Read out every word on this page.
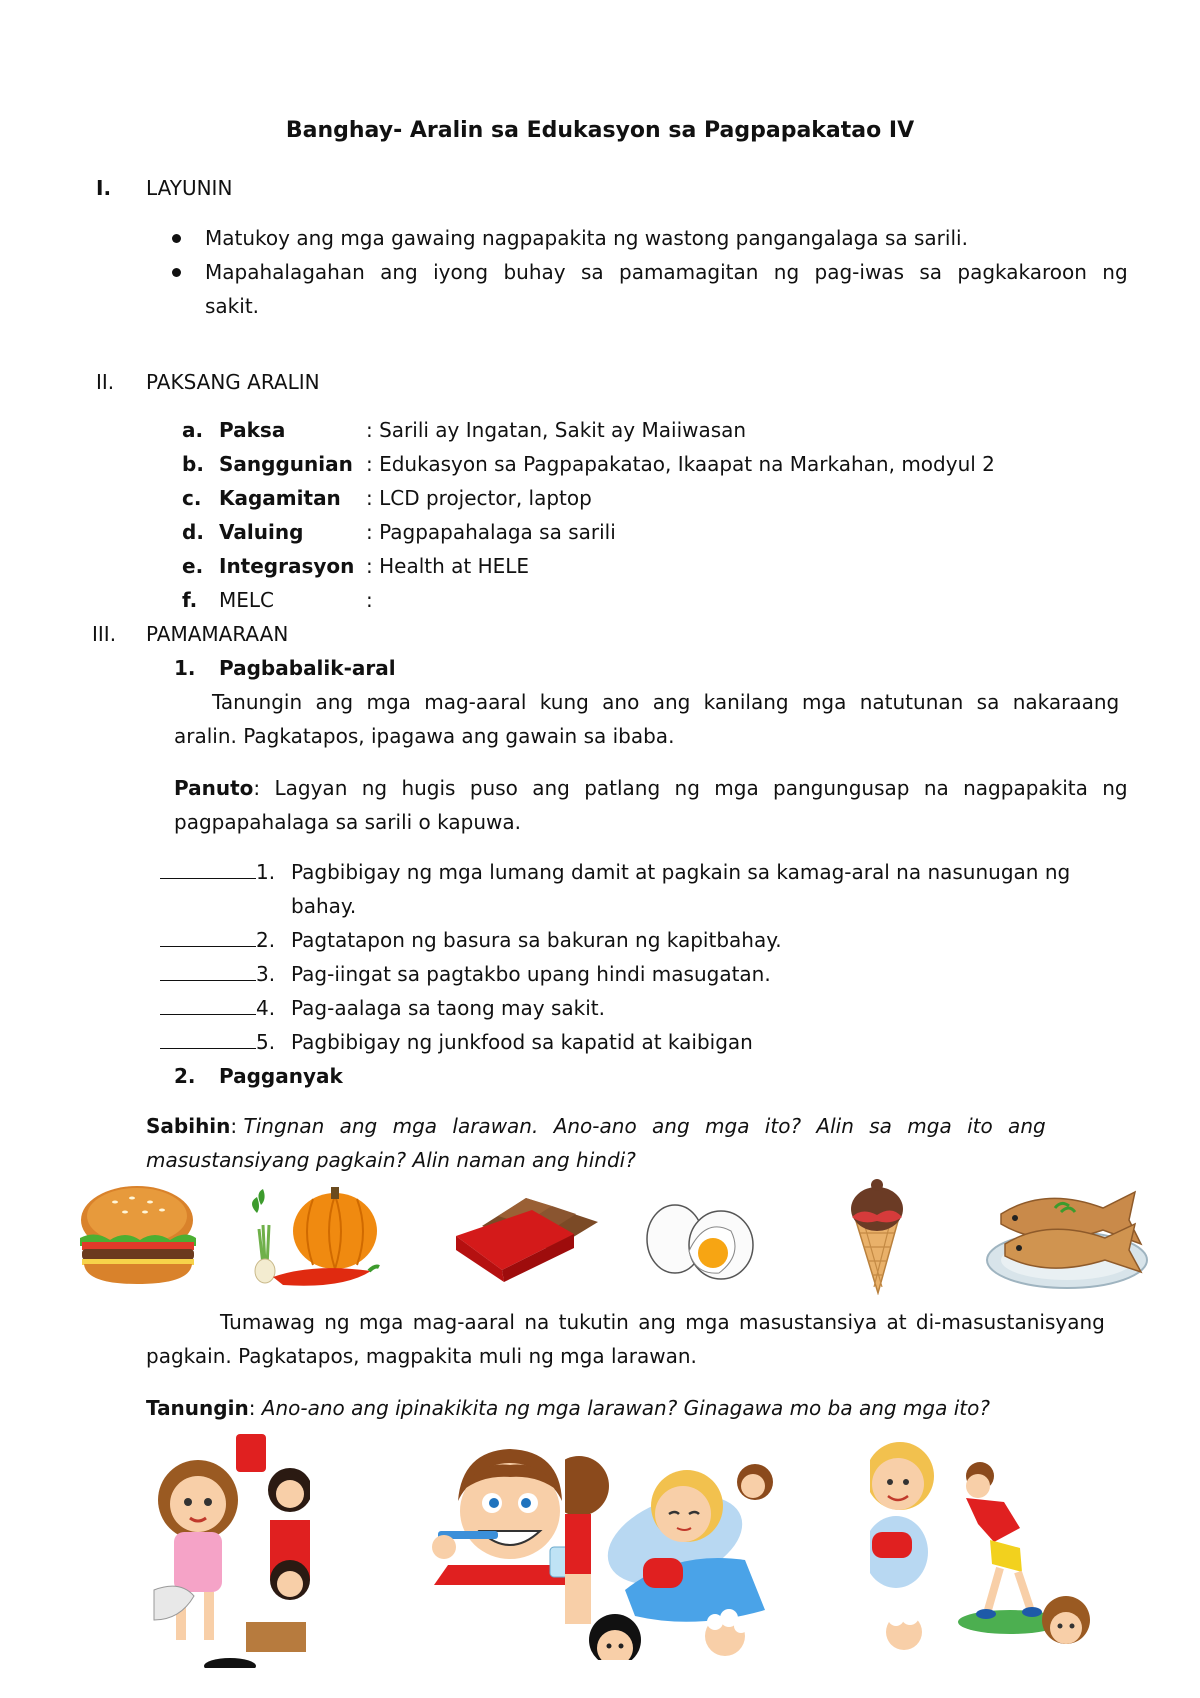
Banghay- Aralin sa Edukasyon sa Pagpapakatao IV
I. LAYUNIN
Matukoy ang mga gawaing nagpapakita ng wastong pangangalaga sa sarili.
Mapahalagahan ang iyong buhay sa pamamagitan ng pag-iwas sa pagkakaroon ng
sakit.
II. PAKSANG ARALIN
a. Paksa	: Sarili ay Ingatan, Sakit ay Maiiwasan
b. Sanggunian : Edukasyon sa Pagpapakatao, Ikaapat na Markahan, modyul 2
c. Kagamitan : LCD projector, laptop
d. Valuing	: Pagpapahalaga sa sarili
e. Integrasyon : Health at HELE
f. MELC	:
III. PAMAMARAAN
1. Pagbabalik-aral
Tanungin ang mga mag-aaral kung ano ang kanilang mga natutunan sa nakaraang
aralin. Pagkatapos, ipagawa ang gawain sa ibaba.
Panuto: Lagyan ng hugis puso ang patlang ng mga pangungusap na nagpapakita ng
pagpapahalaga sa sarili o kapuwa.
1. Pagbibigay ng mga lumang damit at pagkain sa kamag-aral na nasunugan ng
bahay.
2. Pagtatapon ng basura sa bakuran ng kapitbahay.
3. Pag-iingat sa pagtakbo upang hindi masugatan.
4. Pag-aalaga sa taong may sakit.
5. Pagbibigay ng junkfood sa kapatid at kaibigan
2. Pagganyak
Sabihin: Tingnan ang mga larawan. Ano-ano ang mga ito? Alin sa mga ito ang
masustansiyang pagkain? Alin naman ang hindi?
Tumawag ng mga mag-aaral na tukutin ang mga masustansiya at di-masustanisyang
pagkain. Pagkatapos, magpakita muli ng mga larawan.
Tanungin: Ano-ano ang ipinakikita ng mga larawan? Ginagawa mo ba ang mga ito?
